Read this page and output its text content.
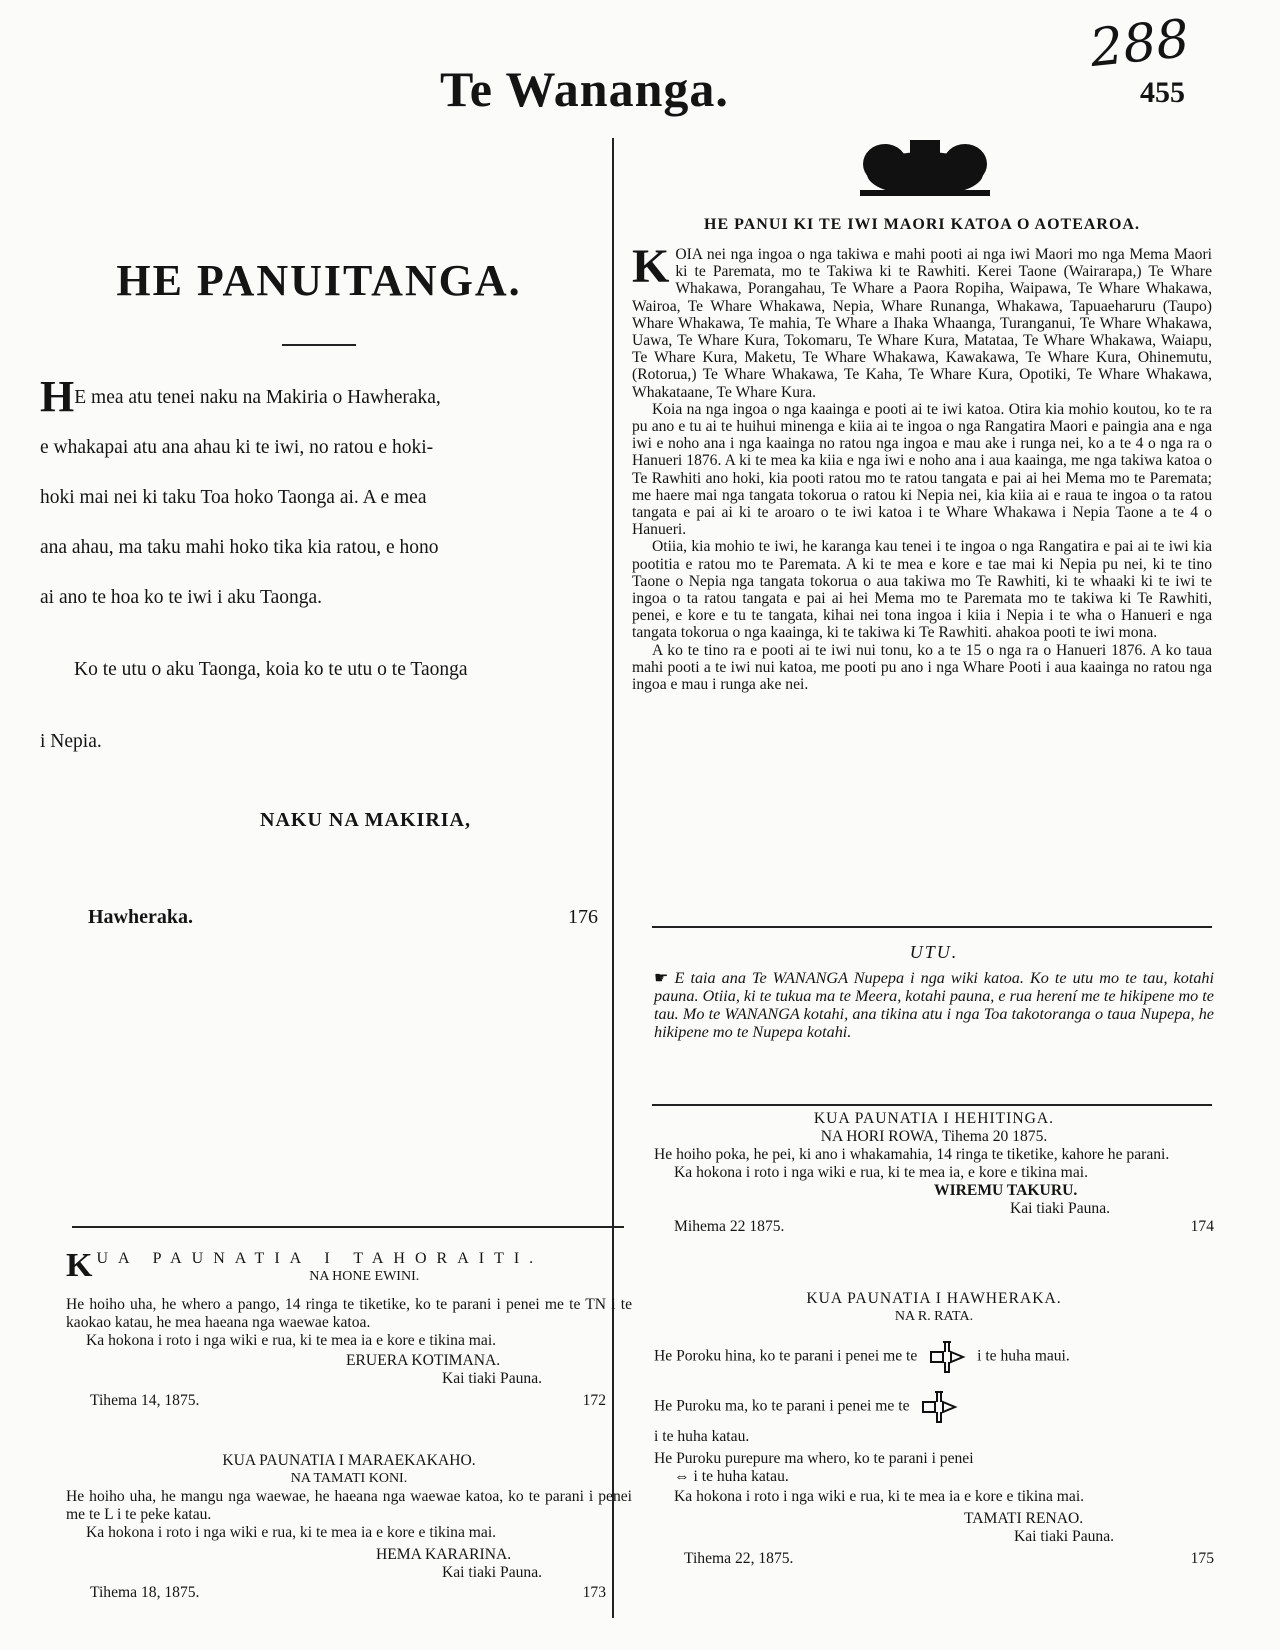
288
Te Wananga.	455
HE PANUITANGA.
HE mea atu tenei naku na Makiria o Hawheraka,
e whakapai atu ana ahau ki te iwi, no ratou e hoki-
hoki mai nei ki taku Toa hoko Taonga ai. A e mea
ana ahau, ma taku mahi hoko tika kia ratou, e hono
ai ano te hoa ko te iwi i aku Taonga.
Ko te utu o aku Taonga, koia ko te utu o te Taonga
i Nepia.
NAKU NA MAKIRIA,
Hawheraka.	176
K UA PAUNATIA I TAHORAITI.
NA HONE EWINI.

He hoiho uha, he whero a pango, 14 ringa te tiketike, ko te parani i penei me te TN i te kaokao katau, he mea haeana nga waewae katoa.

Ka hokona i roto i nga wiki e rua, ki te mea ia e kore e tikina mai.

ERUERA KOTIMANA.
Kai tiaki Pauna.
Tihema 14, 1875.	172
KUA PAUNATIA I MARAEKAKAHO.
NA TAMATI KONI.

He hoiho uha, he mangu nga waewae, he haeana nga waewae katoa, ko te parani i penei me te L i te peke katau.

Ka hokona i roto i nga wiki e rua, ki te mea ia e kore e tikina mai.

HEMA KARARINA.
Kai tiaki Pauna.
Tihema 18, 1875.	173
HE PANUI KI TE IWI MAORI KATOA O AOTEAROA.

KOIA nei nga ingoa o nga takiwa e mahi pooti ai nga iwi Maori mo nga Mema Maori ki te Paremata, mo te Takiwa ki te Rawhiti. Kerei Taone (Wairarapa,) Te Whare Whakawa, Porangahau, Te Whare a Paora Ropiha, Waipawa, Te Whare Whakawa, Wairoa, Te Whare Whakawa, Nepia, Whare Runanga, Whakawa, Tapuaeharuru (Taupo) Whare Whakawa, Te mahia, Te Whare a Ihaka Whaanga, Turanganui, Te Whare Whakawa, Uawa, Te Whare Kura, Tokomaru, Te Whare Kura, Matataa, Te Whare Whakawa, Waiapu, Te Whare Kura, Maketu, Te Whare Whakawa, Kawakawa, Te Whare Kura, Ohinemutu, (Rotorua,) Te Whare Whakawa, Te Kaha, Te Whare Kura, Opotiki, Te Whare Whakawa, Whakataane, Te Whare Kura.

Koia na nga ingoa o nga kaainga e pooti ai te iwi katoa. Otira kia mohio koutou, ko te ra pu ano e tu ai te huihui minenga e kiia ai te ingoa o nga Rangatira Maori e paingia ana e nga iwi e noho ana i nga kaainga no ratou nga ingoa e mau ake i runga nei, ko a te 4 o nga ra o Hanueri 1876. A ki te mea ka kiia e nga iwi e noho ana i aua kaainga, me nga takiwa katoa o Te Rawhiti ano hoki, kia pooti ratou mo te ratou tangata e pai ai hei Mema mo te Paremata; me haere mai nga tangata tokorua o ratou ki Nepia nei, kia kiia ai e raua te ingoa o ta ratou tangata e pai ai ki te aroaro o te iwi katoa i te Whare Whakawa i Nepia Taone a te 4 o Hanueri.

Otiia, kia mohio te iwi, he karanga kau tenei i te ingoa o nga Rangatira e pai ai te iwi kia pootitia e ratou mo te Paremata. A ki te mea e kore e tae mai ki Nepia pu nei, ki te tino Taone o Nepia nga tangata tokorua o aua takiwa mo Te Rawhiti, ki te whaaki ki te iwi te ingoa o ta ratou tangata e pai ai hei Mema mo te Paremata mo te takiwa ki Te Rawhiti, penei, e kore e tu te tangata, kihai nei tona ingoa i kiia i Nepia i te wha o Hanueri e nga tangata tokorua o nga kaainga, ki te takiwa ki Te Rawhiti. ahakoa pooti te iwi mona.

A ko te tino ra e pooti ai te iwi nui tonu, ko a te 15 o nga ra o Hanueri 1876. A ko taua mahi pooti a te iwi nui katoa, me pooti pu ano i nga Whare Pooti i aua kaainga no ratou nga ingoa e mau i runga ake nei.

UTU.

☛ E taia ana Te WANANGA Nupepa i nga wiki katoa. Ko te utu mo te tau, kotahi pauna. Otiia, ki te tukua ma te Meera, kotahi pauna, e rua herení me te hikipene mo te tau. Mo te WANANGA kotahi, ana tikina atu i nga Toa takotoranga o taua Nupepa, he hikipene mo te Nupepa kotahi.

KUA PAUNATIA I HEHITINGA.
NA HORI ROWA, Tihema 20 1875.

He hoiho poka, he pei, ki ano i whakamahia, 14 ringa te tiketike, kahore he parani.

Ka hokona i roto i nga wiki e rua, ki te mea ia, e kore e tikina mai.

WIREMU TAKURU.
Kai tiaki Pauna.
Mihema 22 1875.	174
KUA PAUNATIA I HAWHERAKA.
NA R. RATA.
He Poroku hina, ko te parani i penei me te	i te huha maui.
He Puroku ma, ko te parani i penei me te
i te huha katau.
He Puroku purepure ma whero, ko te parani i penei
⇔ i te huha katau.

Ka hokona i roto i nga wiki e rua, ki te mea ia e kore e tikina mai.

TAMATI RENAO.
Kai tiaki Pauna.
Tihema 22, 1875.	175
